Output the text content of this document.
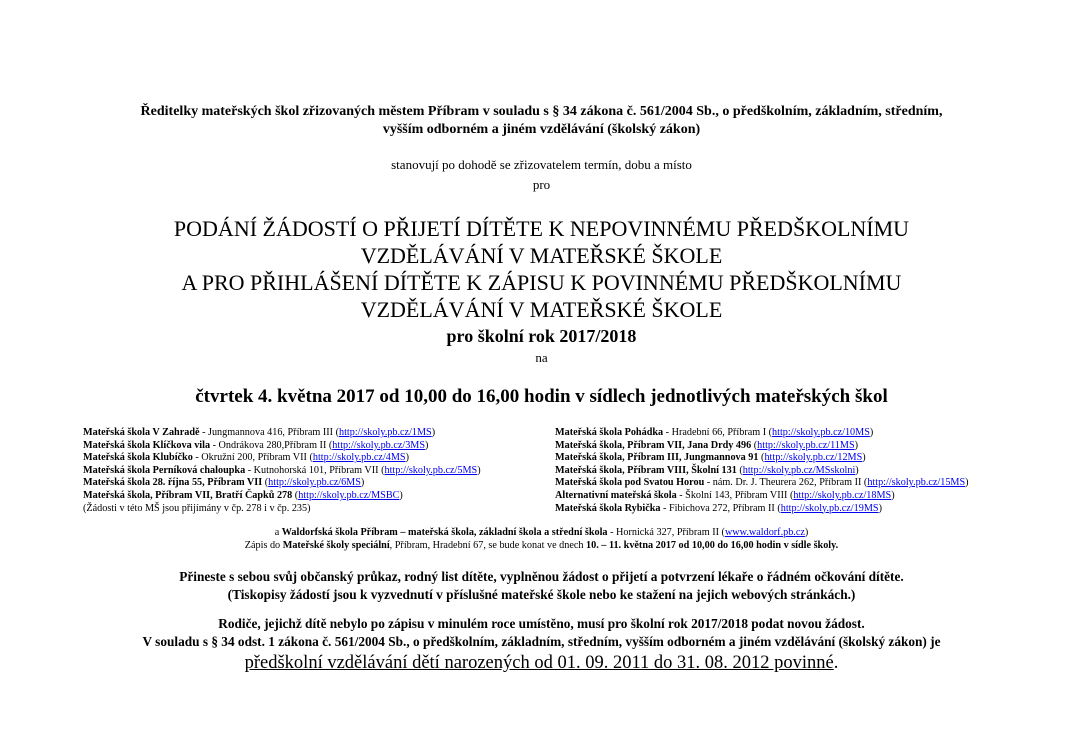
Ředitelky mateřských škol zřizovaných městem Příbram v souladu s § 34 zákona č. 561/2004 Sb., o předškolním, základním, středním,
vyšším odborném a jiném vzdělávání (školský zákon)
stanovují po dohodě se zřizovatelem termín, dobu a místo
pro
PODÁNÍ ŽÁDOSTÍ O PŘIJETÍ DÍTĚTE K NEPOVINNÉMU PŘEDŠKOLNÍMU
VZDĚLÁVÁNÍ V MATEŘSKÉ ŠKOLE
A PRO PŘIHLÁŠENÍ DÍTĚTE K ZÁPISU K POVINNÉMU PŘEDŠKOLNÍMU
VZDĚLÁVÁNÍ V MATEŘSKÉ ŠKOLE
pro školní rok 2017/2018
na
čtvrtek 4. května 2017 od 10,00 do 16,00 hodin v sídlech jednotlivých mateřských škol
Mateřská škola V Zahradě - Jungmannova 416, Příbram III (http://skoly.pb.cz/1MS)
Mateřská škola Klíčkova vila - Ondrákova 280,Příbram II (http://skoly.pb.cz/3MS)
Mateřská škola Klubíčko - Okružní 200, Příbram VII (http://skoly.pb.cz/4MS)
Mateřská škola Perníková chaloupka - Kutnohorská 101, Příbram VII (http://skoly.pb.cz/5MS)
Mateřská škola 28. října 55, Příbram VII (http://skoly.pb.cz/6MS)
Mateřská škola, Příbram VII, Bratří Čapků 278 (http://skoly.pb.cz/MSBC)
(Žádosti v této MŠ jsou přijímány v čp. 278 i v čp. 235)
Mateřská škola Pohádka - Hradební 66, Příbram I (http://skoly.pb.cz/10MS)
Mateřská škola, Příbram VII, Jana Drdy 496 (http://skoly.pb.cz/11MS)
Mateřská škola, Příbram III, Jungmannova 91 (http://skoly.pb.cz/12MS)
Mateřská škola, Příbram VIII, Školní 131 (http://skoly.pb.cz/MSskolni)
Mateřská škola pod Svatou Horou - nám. Dr. J. Theurera 262, Příbram II (http://skoly.pb.cz/15MS)
Alternativní mateřská škola - Školní 143, Příbram VIII (http://skoly.pb.cz/18MS)
Mateřská škola Rybička - Fibichova 272, Příbram II (http://skoly.pb.cz/19MS)
a Waldorfská škola Příbram – mateřská škola, základní škola a střední škola - Hornická 327, Příbram II (www.waldorf.pb.cz)
Zápis do Mateřské školy speciální, Příbram, Hradební 67, se bude konat ve dnech 10. – 11. května 2017 od 10,00 do 16,00 hodin v sídle školy.
Přineste s sebou svůj občanský průkaz, rodný list dítěte, vyplněnou žádost o přijetí a potvrzení lékaře o řádném očkování dítěte.
(Tiskopisy žádostí jsou k vyzvednutí v příslušné mateřské škole nebo ke stažení na jejich webových stránkách.)
Rodiče, jejichž dítě nebylo po zápisu v minulém roce umístěno, musí pro školní rok 2017/2018 podat novou žádost.
V souladu s § 34 odst. 1 zákona č. 561/2004 Sb., o předškolním, základním, středním, vyšším odborném a jiném vzdělávání (školský zákon) je
předškolní vzdělávání dětí narozených od 01. 09. 2011 do 31. 08. 2012 povinné.
